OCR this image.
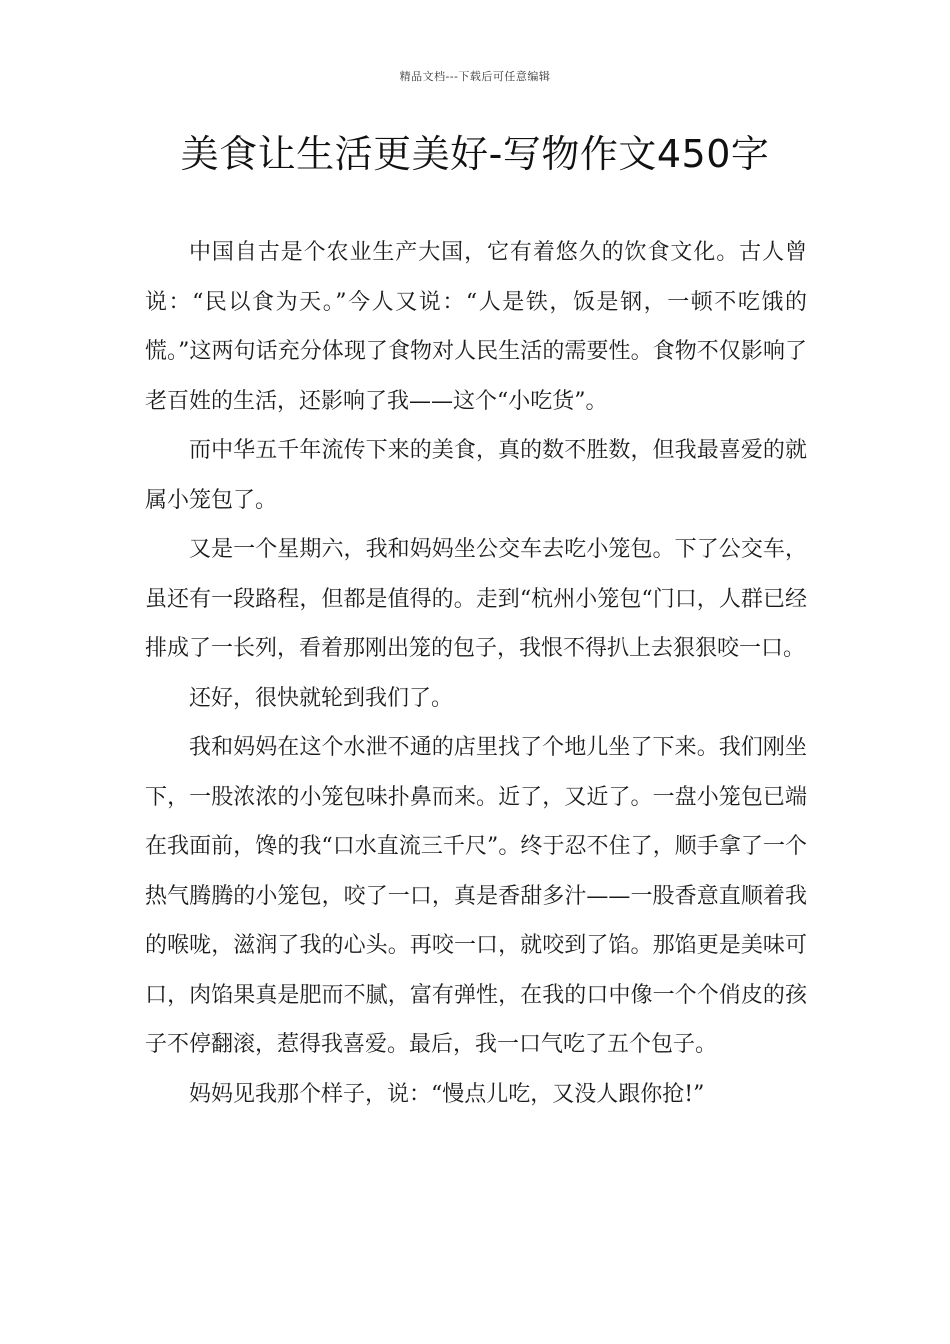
精品文档---下载后可任意编辑
美食让生活更美好-写物作文450字

中国自古是个农业生产大国，它有着悠久的饮食文化。古人曾说：“民以食为天。”今人又说：“人是铁，饭是钢，一顿不吃饿的慌。”这两句话充分体现了食物对人民生活的需要性。食物不仅影响了老百姓的生活，还影响了我——这个“小吃货”。

而中华五千年流传下来的美食，真的数不胜数，但我最喜爱的就属小笼包了。

又是一个星期六，我和妈妈坐公交车去吃小笼包。下了公交车，虽还有一段路程，但都是值得的。走到“杭州小笼包“门口，人群已经排成了一长列，看着那刚出笼的包子，我恨不得扒上去狠狠咬一口。

还好，很快就轮到我们了。

我和妈妈在这个水泄不通的店里找了个地儿坐了下来。我们刚坐下，一股浓浓的小笼包味扑鼻而来。近了，又近了。一盘小笼包已端在我面前，馋的我“口水直流三千尺”。终于忍不住了，顺手拿了一个热气腾腾的小笼包，咬了一口，真是香甜多汁——一股香意直顺着我的喉咙，滋润了我的心头。再咬一口，就咬到了馅。那馅更是美味可口，肉馅果真是肥而不腻，富有弹性，在我的口中像一个个俏皮的孩子不停翻滚，惹得我喜爱。最后，我一口气吃了五个包子。

妈妈见我那个样子，说：“慢点儿吃，又没人跟你抢!”
